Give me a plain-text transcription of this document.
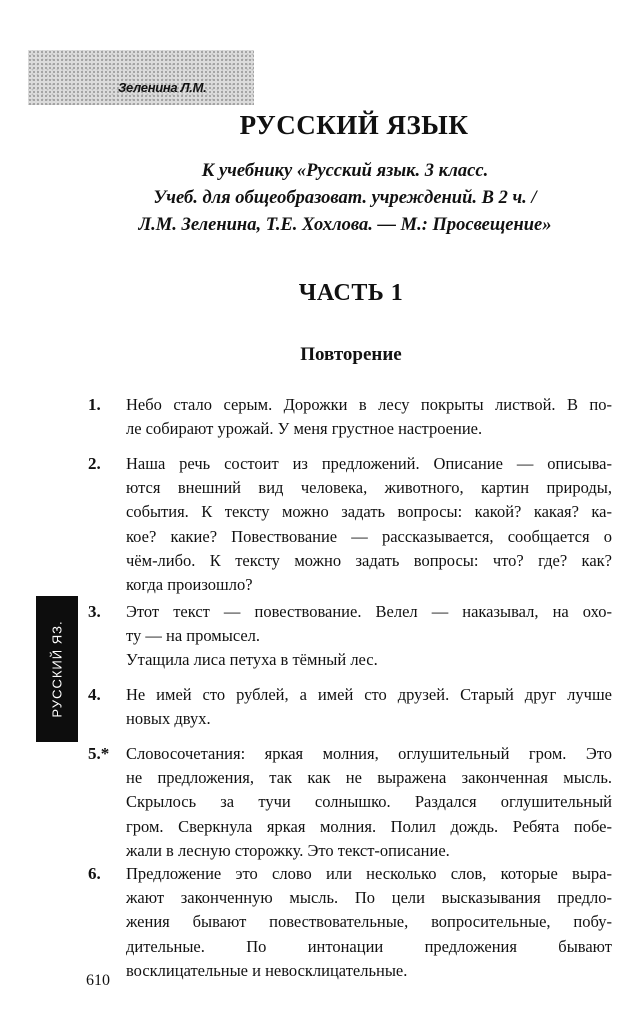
Зеленина Л.М.
РУССКИЙ ЯЗЫК
К учебнику «Русский язык. 3 класс.
Учеб. для общеобразоват. учреждений. В 2 ч. /
Л.М. Зеленина, Т.Е. Хохлова. — М.: Просвещение»
ЧАСТЬ 1
Повторение
РУССКИЙ ЯЗ.
1. Небо стало серым. Дорожки в лесу покрыты листвой. В по-
ле собирают урожай. У меня грустное настроение.
2. Наша речь состоит из предложений. Описание — описыва-
ются внешний вид человека, животного, картин природы,
события. К тексту можно задать вопросы: какой? какая? ка-
кое? какие? Повествование — рассказывается, сообщается о
чём-либо. К тексту можно задать вопросы: что? где? как?
когда произошло?
3. Этот текст — повествование. Велел — наказывал, на охо-
ту — на промысел.
Утащила лиса петуха в тёмный лес.
4. Не имей сто рублей, а имей сто друзей. Старый друг лучше
новых двух.
5.* Словосочетания: яркая молния, оглушительный гром. Это
не предложения, так как не выражена законченная мысль.
Скрылось за тучи солнышко. Раздался оглушительный
гром. Сверкнула яркая молния. Полил дождь. Ребята побе-
жали в лесную сторожку. Это текст-описание.
6. Предложение это слово или несколько слов, которые выра-
жают законченную мысль. По цели высказывания предло-
жения бывают повествовательные, вопросительные, побу-
дительные. По интонации предложения бывают
восклицательные и невосклицательные.
610
